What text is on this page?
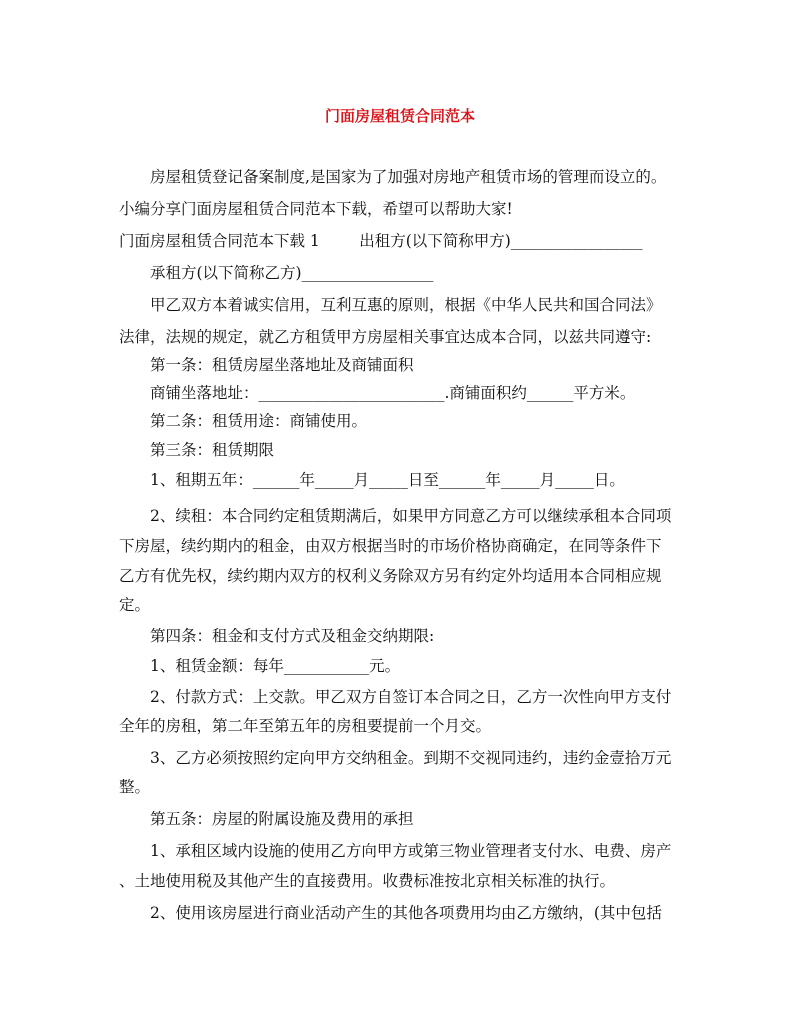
门面房屋租赁合同范本
房屋租赁登记备案制度,是国家为了加强对房地产租赁市场的管理而设立的。
小编分享门面房屋租赁合同范本下载，希望可以帮助大家!
门面房屋租赁合同范本下载 1        出租方(以下简称甲方)_________________
承租方(以下简称乙方)_________________
甲乙双方本着诚实信用，互利互惠的原则，根据《中华人民共和国合同法》
法律，法规的规定，就乙方租赁甲方房屋相关事宜达成本合同，以兹共同遵守:
第一条：租赁房屋坐落地址及商铺面积
商铺坐落地址：________________________.商铺面积约______平方米。
第二条：租赁用途：商铺使用。
第三条：租赁期限
1、租期五年：______年_____月_____日至______年_____月_____日。
2、续租：本合同约定租赁期满后，如果甲方同意乙方可以继续承租本合同项
下房屋，续约期内的租金，由双方根据当时的市场价格协商确定，在同等条件下
乙方有优先权，续约期内双方的权利义务除双方另有约定外均适用本合同相应规
定。
第四条：租金和支付方式及租金交纳期限:
1、租赁金额：每年___________元。
2、付款方式：上交款。甲乙双方自签订本合同之日，乙方一次性向甲方支付
全年的房租，第二年至第五年的房租要提前一个月交。
3、乙方必须按照约定向甲方交纳租金。到期不交视同违约，违约金壹拾万元
整。
第五条：房屋的附属设施及费用的承担
1、承租区域内设施的使用乙方向甲方或第三物业管理者支付水、电费、房产
、土地使用税及其他产生的直接费用。收费标准按北京相关标准的执行。
2、使用该房屋进行商业活动产生的其他各项费用均由乙方缴纳，(其中包括
